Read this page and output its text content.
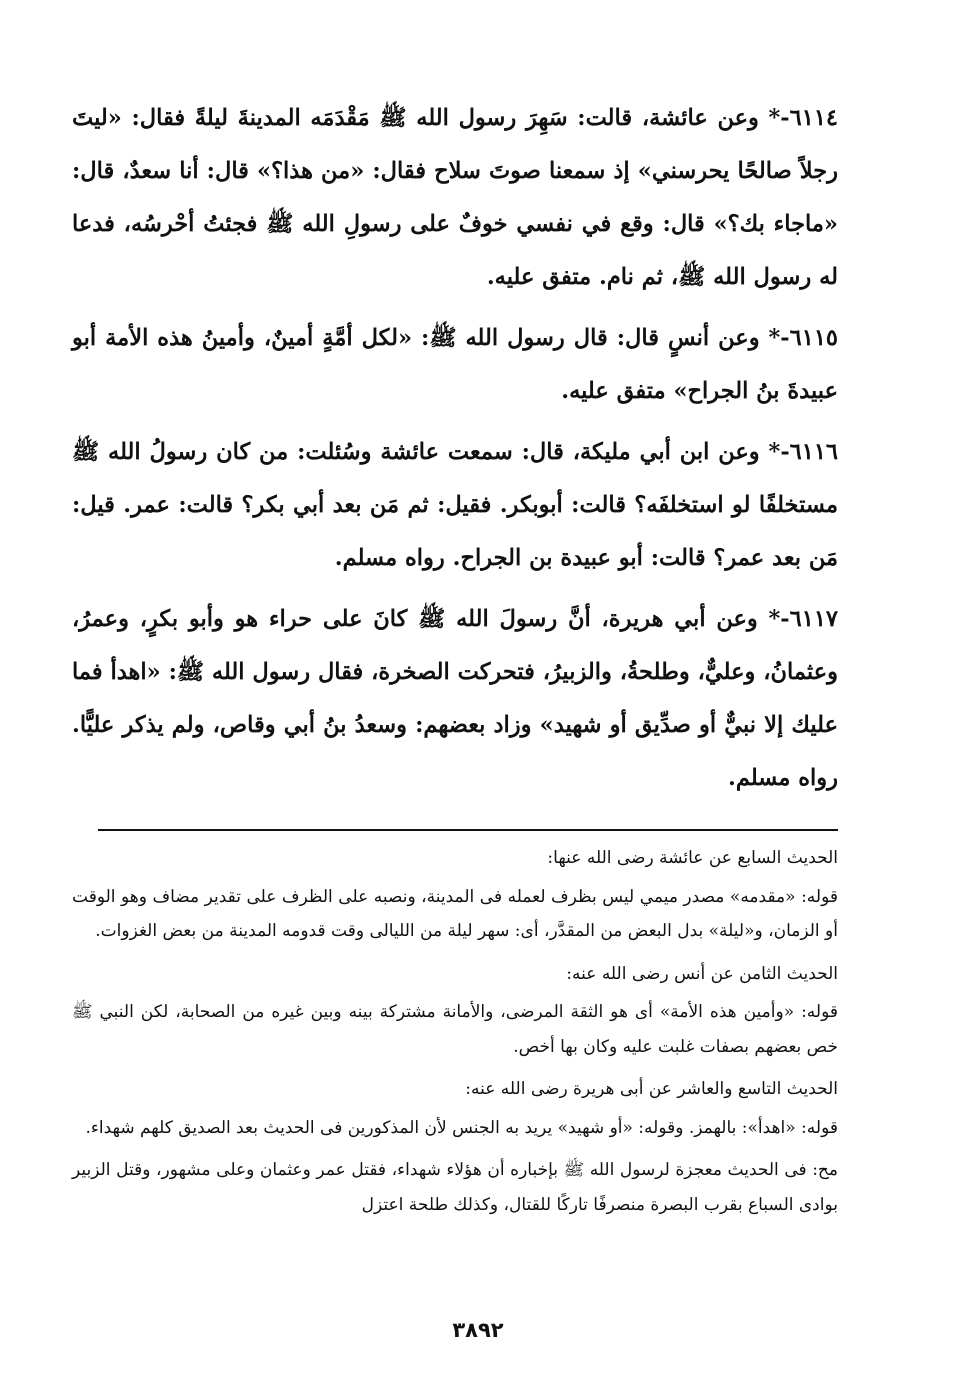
٦١١٤-* وعن عائشة، قالت: سَهِرَ رسول الله ﷺ مَقْدَمَه المدينةَ ليلةً فقال: «ليتَ رجلاً صالحًا يحرسني» إذ سمعنا صوتَ سلاح فقال: «من هذا؟» قال: أنا سعدٌ، قال: «ماجاء بك؟» قال: وقع في نفسي خوفٌ على رسولِ الله ﷺ فجئتُ أحْرسُه، فدعا له رسول الله ﷺ، ثم نام. متفق عليه.

٦١١٥-* وعن أنسٍ قال: قال رسول الله ﷺ: «لكل أمَّةٍ أمينٌ، وأمينُ هذه الأمة أبو عبيدةَ بنُ الجراح» متفق عليه.

٦١١٦-* وعن ابن أبي مليكة، قال: سمعت عائشة وسُئلت: من كان رسولُ الله ﷺ مستخلفًا لو استخلفَه؟ قالت: أبوبكر. فقيل: ثم مَن بعد أبي بكر؟ قالت: عمر. قيل: مَن بعد عمر؟ قالت: أبو عبيدة بن الجراح. رواه مسلم.

٦١١٧-* وعن أبي هريرة، أنَّ رسولَ الله ﷺ كانَ على حراء هو وأبو بكرٍ، وعمرُ، وعثمانُ، وعليٌّ، وطلحةُ، والزبيرُ، فتحركت الصخرة، فقال رسول الله ﷺ: «اهدأ فما عليك إلا نبيٌّ أو صدِّيق أو شهيد» وزاد بعضهم: وسعدُ بنُ أبي وقاص، ولم يذكر عليًّا. رواه مسلم.

الحديث السابع عن عائشة رضى الله عنها:

قوله: «مقدمه» مصدر ميمي ليس بظرف لعمله فى المدينة، ونصبه على الظرف على تقدير مضاف وهو الوقت أو الزمان، و«ليلة» بدل البعض من المقدَّر، أى: سهر ليلة من الليالى وقت قدومه المدينة من بعض الغزوات.

الحديث الثامن عن أنس رضى الله عنه:

قوله: «وأمين هذه الأمة» أى هو الثقة المرضى، والأمانة مشتركة بينه وبين غيره من الصحابة، لكن النبي ﷺ خص بعضهم بصفات غلبت عليه وكان بها أخص.

الحديث التاسع والعاشر عن أبى هريرة رضى الله عنه:

قوله: «اهدأ»: بالهمز. وقوله: «أو شهيد» يريد به الجنس لأن المذكورين فى الحديث بعد الصديق كلهم شهداء.

مح: فى الحديث معجزة لرسول الله ﷺ بإخباره أن هؤلاء شهداء، فقتل عمر وعثمان وعلى مشهور، وقتل الزبير بوادى السباع بقرب البصرة منصرفًا تاركًا للقتال، وكذلك طلحة اعتزل

٣٨٩٢
